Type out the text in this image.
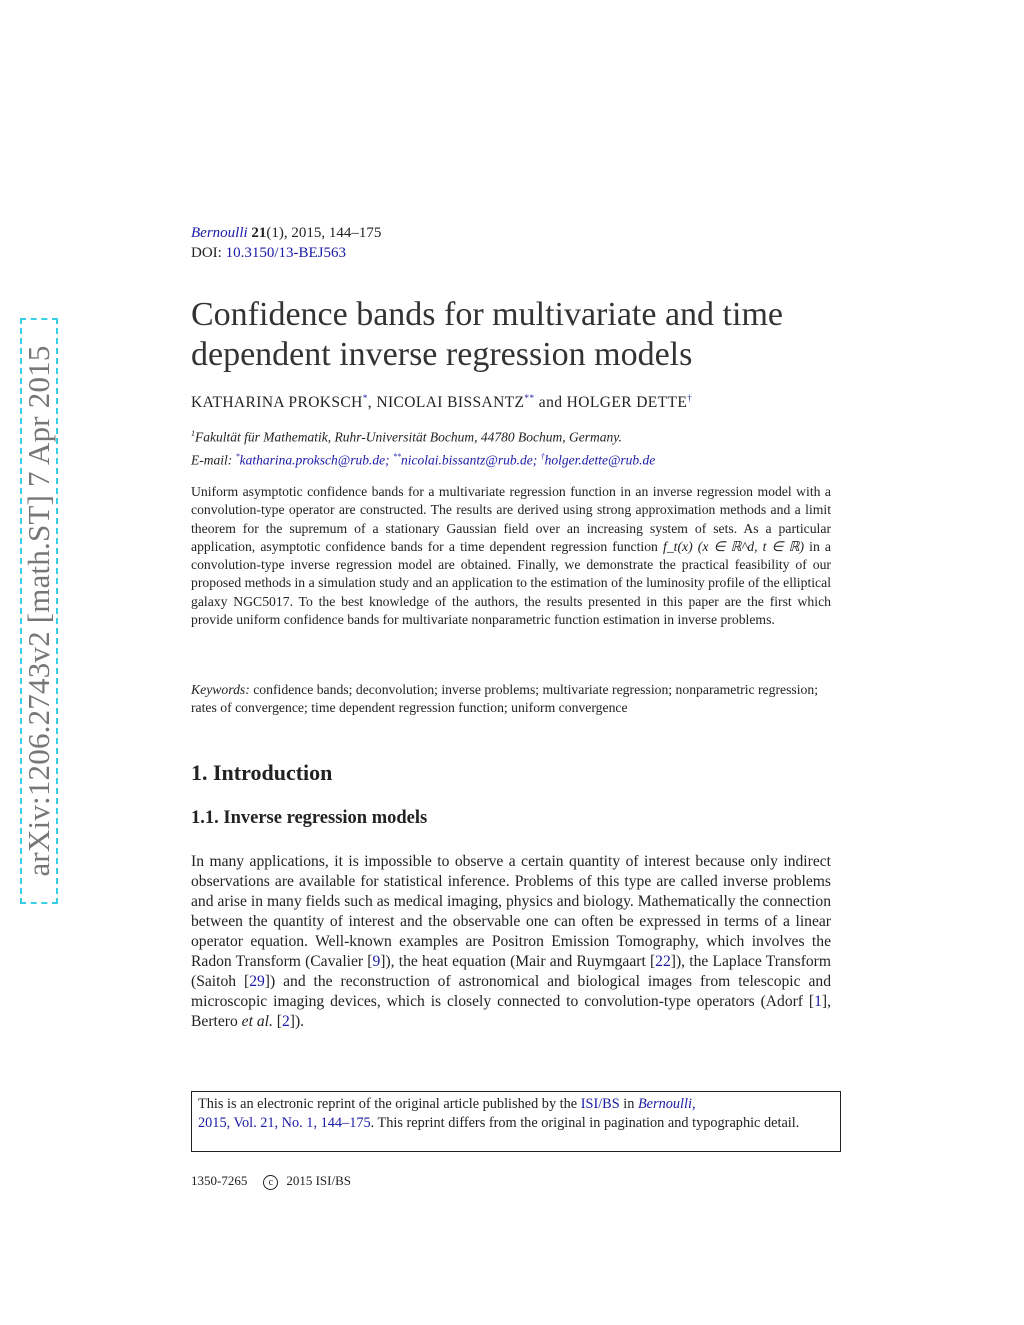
arXiv:1206.2743v2 [math.ST] 7 Apr 2015
Bernoulli 21(1), 2015, 144–175
DOI: 10.3150/13-BEJ563
Confidence bands for multivariate and time
dependent inverse regression models
KATHARINA PROKSCH*, NICOLAI BISSANTZ** and HOLGER DETTE†
$^1$Fakultät für Mathematik, Ruhr-Universität Bochum, 44780 Bochum, Germany.
E-mail: *katharina.proksch@rub.de; **nicolai.bissantz@rub.de; †holger.dette@rub.de
Uniform asymptotic confidence bands for a multivariate regression function in an inverse regression model with a convolution-type operator are constructed. The results are derived using strong approximation methods and a limit theorem for the supremum of a stationary Gaussian field over an increasing system of sets. As a particular application, asymptotic confidence bands for a time dependent regression function f_t(x) (x ∈ ℝ^d, t ∈ ℝ) in a convolution-type inverse regression model are obtained. Finally, we demonstrate the practical feasibility of our proposed methods in a simulation study and an application to the estimation of the luminosity profile of the elliptical galaxy NGC5017. To the best knowledge of the authors, the results presented in this paper are the first which provide uniform confidence bands for multivariate nonparametric function estimation in inverse problems.
Keywords: confidence bands; deconvolution; inverse problems; multivariate regression; nonparametric regression; rates of convergence; time dependent regression function; uniform convergence
1. Introduction
1.1. Inverse regression models
In many applications, it is impossible to observe a certain quantity of interest because only indirect observations are available for statistical inference. Problems of this type are called inverse problems and arise in many fields such as medical imaging, physics and biology. Mathematically the connection between the quantity of interest and the observable one can often be expressed in terms of a linear operator equation. Well-known examples are Positron Emission Tomography, which involves the Radon Transform (Cavalier [9]), the heat equation (Mair and Ruymgaart [22]), the Laplace Transform (Saitoh [29]) and the reconstruction of astronomical and biological images from telescopic and microscopic imaging devices, which is closely connected to convolution-type operators (Adorf [1], Bertero et al. [2]).
This is an electronic reprint of the original article published by the ISI/BS in Bernoulli,
2015, Vol. 21, No. 1, 144–175. This reprint differs from the original in pagination and typographic detail.
1350-7265 c 2015 ISI/BS
